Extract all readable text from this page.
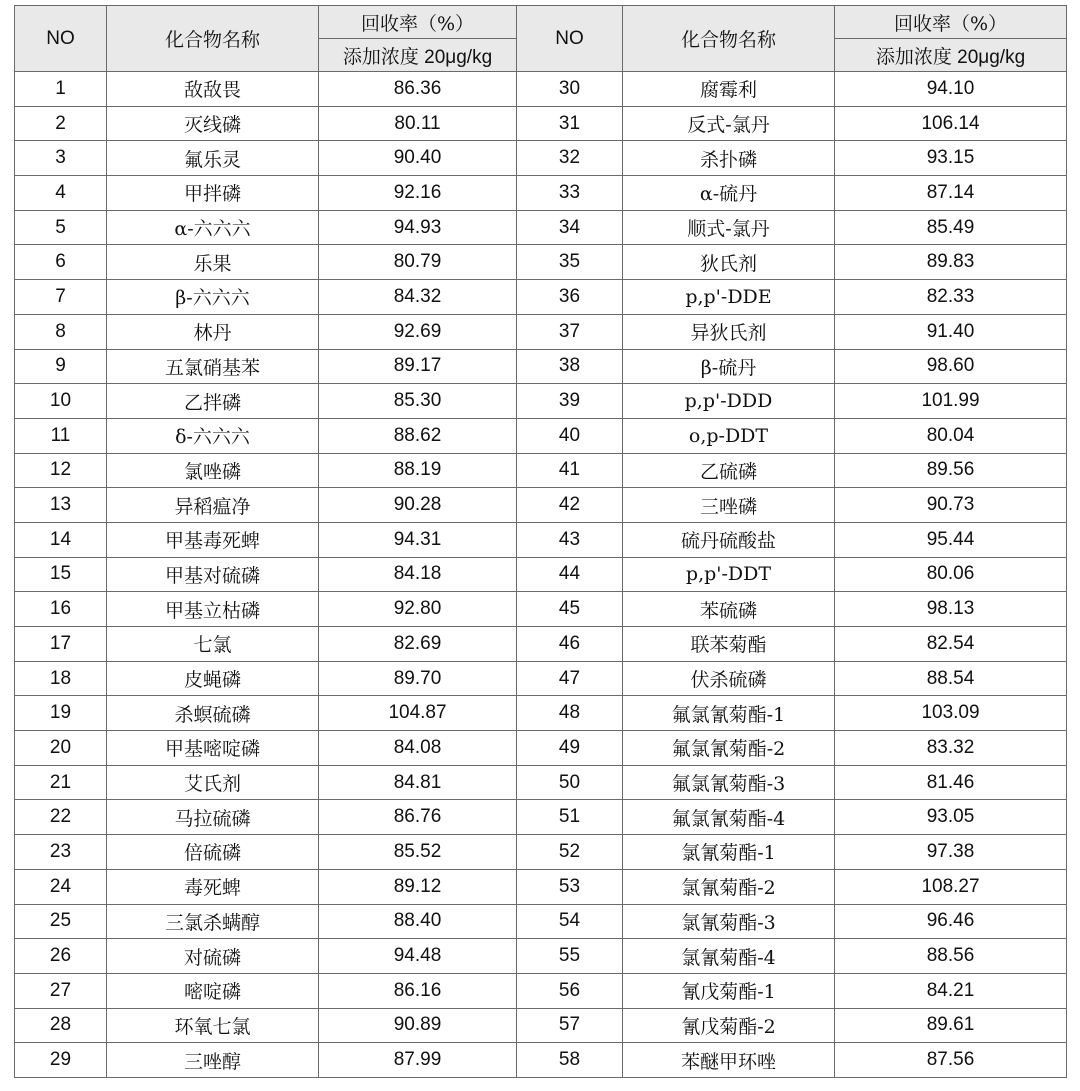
NO	化合物名称	回收率（%）	NO	化合物名称	回收率（%）
		添加浓度 20μg/kg			添加浓度 20μg/kg
1	敌敌畏	86.36	30	腐霉利	94.10
2	灭线磷	80.11	31	反式-氯丹	106.14
3	氟乐灵	90.40	32	杀扑磷	93.15
4	甲拌磷	92.16	33	α-硫丹	87.14
5	α-六六六	94.93	34	顺式-氯丹	85.49
6	乐果	80.79	35	狄氏剂	89.83
7	β-六六六	84.32	36	p,p'-DDE	82.33
8	林丹	92.69	37	异狄氏剂	91.40
9	五氯硝基苯	89.17	38	β-硫丹	98.60
10	乙拌磷	85.30	39	p,p'-DDD	101.99
11	δ-六六六	88.62	40	o,p-DDT	80.04
12	氯唑磷	88.19	41	乙硫磷	89.56
13	异稻瘟净	90.28	42	三唑磷	90.73
14	甲基毒死蜱	94.31	43	硫丹硫酸盐	95.44
15	甲基对硫磷	84.18	44	p,p'-DDT	80.06
16	甲基立枯磷	92.80	45	苯硫磷	98.13
17	七氯	82.69	46	联苯菊酯	82.54
18	皮蝇磷	89.70	47	伏杀硫磷	88.54
19	杀螟硫磷	104.87	48	氟氯氰菊酯-1	103.09
20	甲基嘧啶磷	84.08	49	氟氯氰菊酯-2	83.32
21	艾氏剂	84.81	50	氟氯氰菊酯-3	81.46
22	马拉硫磷	86.76	51	氟氯氰菊酯-4	93.05
23	倍硫磷	85.52	52	氯氰菊酯-1	97.38
24	毒死蜱	89.12	53	氯氰菊酯-2	108.27
25	三氯杀螨醇	88.40	54	氯氰菊酯-3	96.46
26	对硫磷	94.48	55	氯氰菊酯-4	88.56
27	嘧啶磷	86.16	56	氰戊菊酯-1	84.21
28	环氧七氯	90.89	57	氰戊菊酯-2	89.61
29	三唑醇	87.99	58	苯醚甲环唑	87.56
